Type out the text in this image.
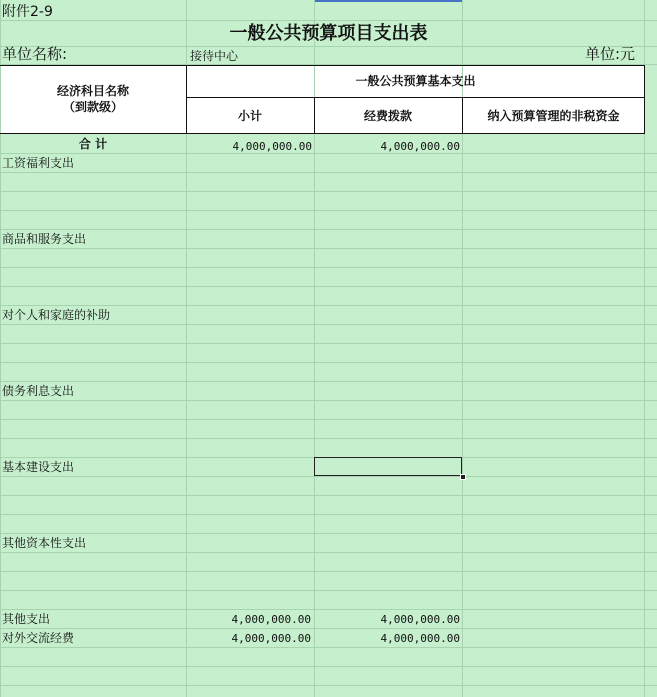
附件2-9
一般公共预算项目支出表
单位名称:	接待中心	单位:元
经济科目名称
（到款级）
一般公共预算基本支出
小计	经费拨款	纳入预算管理的非税资金
合 计	4,000,000.00	4,000,000.00
工资福利支出
商品和服务支出
对个人和家庭的补助
债务利息支出
基本建设支出
其他资本性支出
其他支出	4,000,000.00	4,000,000.00
对外交流经费	4,000,000.00	4,000,000.00
